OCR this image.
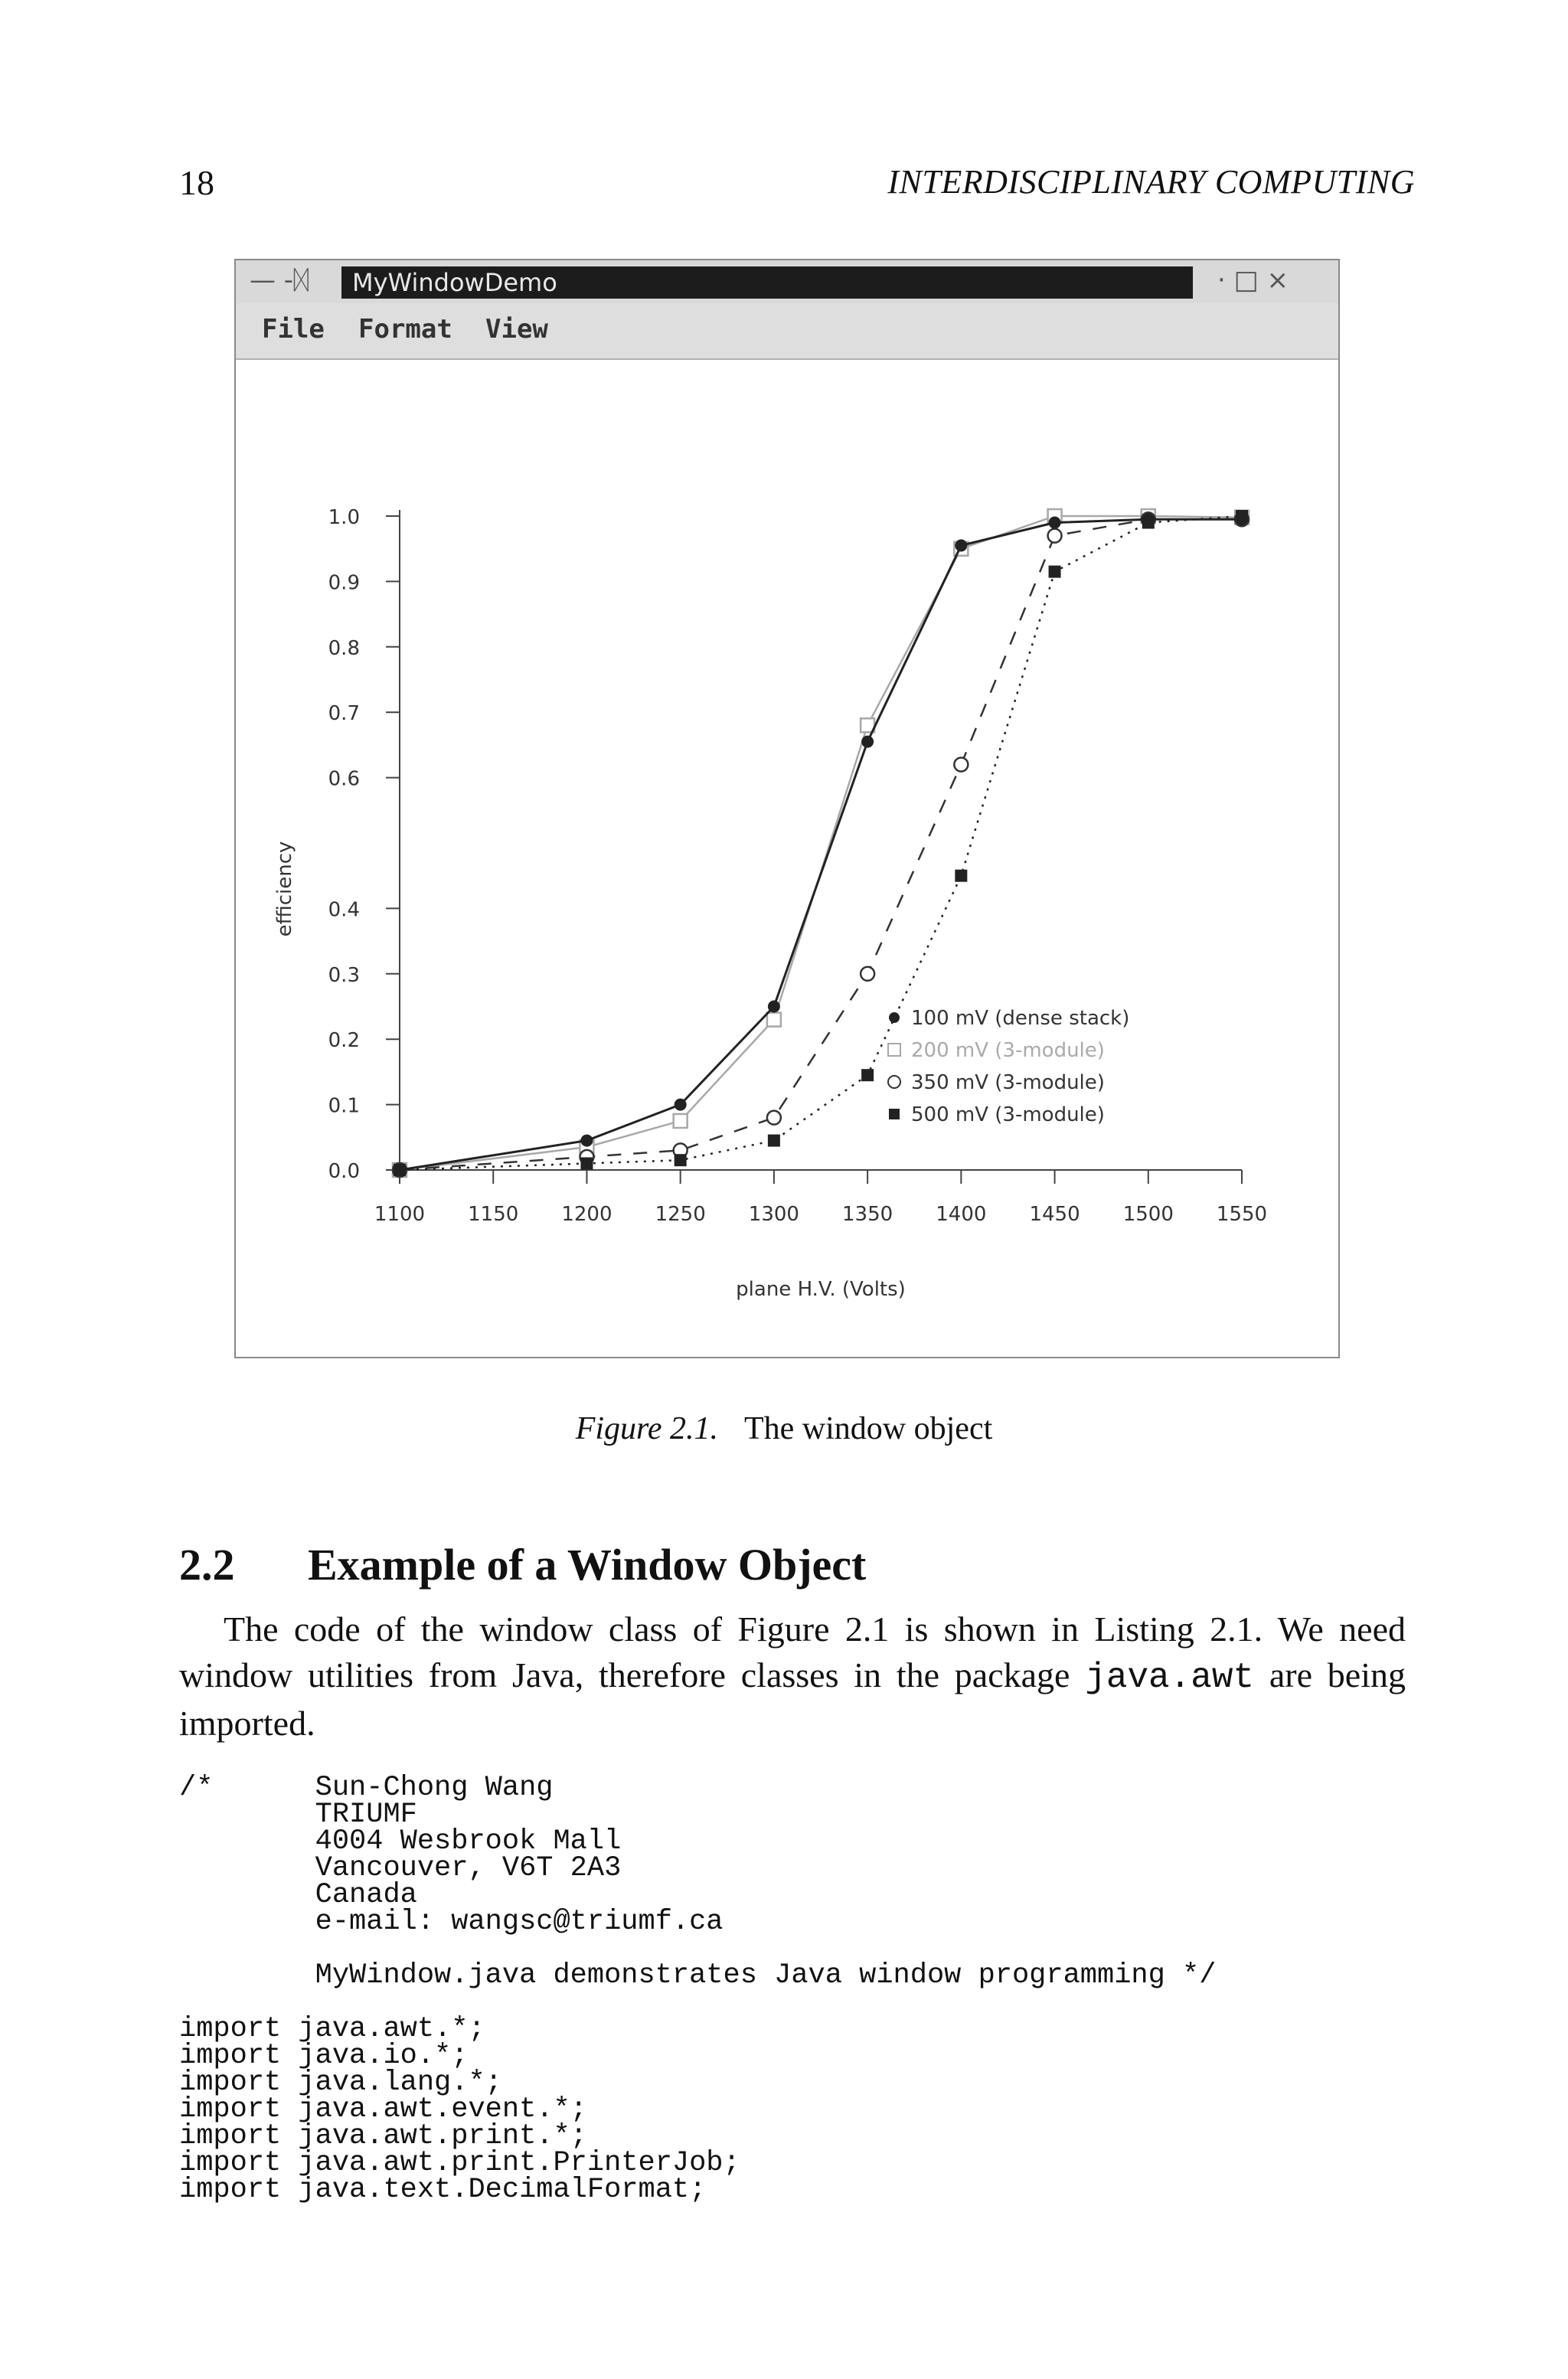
18	INTERDISCIPLINARY COMPUTING
— -ᛞ	MyWindowDemo	· □ ×
File Format View
0.0
0.1
0.2
0.3
0.4
0.6
0.7
0.8
0.9
1.0
1100 1150 1200 1250 1300 1350 1400 1450 1500 1550
plane H.V. (Volts)
efficiency
100 mV (dense stack)
200 mV (3-module)
350 mV (3-module)
500 mV (3-module)
Figure 2.1. The window object
2.2 Example of a Window Object
The code of the window class of Figure 2.1 is shown in Listing 2.1. We need window utilities from Java, therefore classes in the package java.awt are being imported.
/*      Sun-Chong Wang
TRIUMF
4004 Wesbrook Mall
Vancouver, V6T 2A3
Canada
e-mail: wangsc@triumf.ca

MyWindow.java demonstrates Java window programming */

import java.awt.*;
import java.io.*;
import java.lang.*;
import java.awt.event.*;
import java.awt.print.*;
import java.awt.print.PrinterJob;
import java.text.DecimalFormat;
